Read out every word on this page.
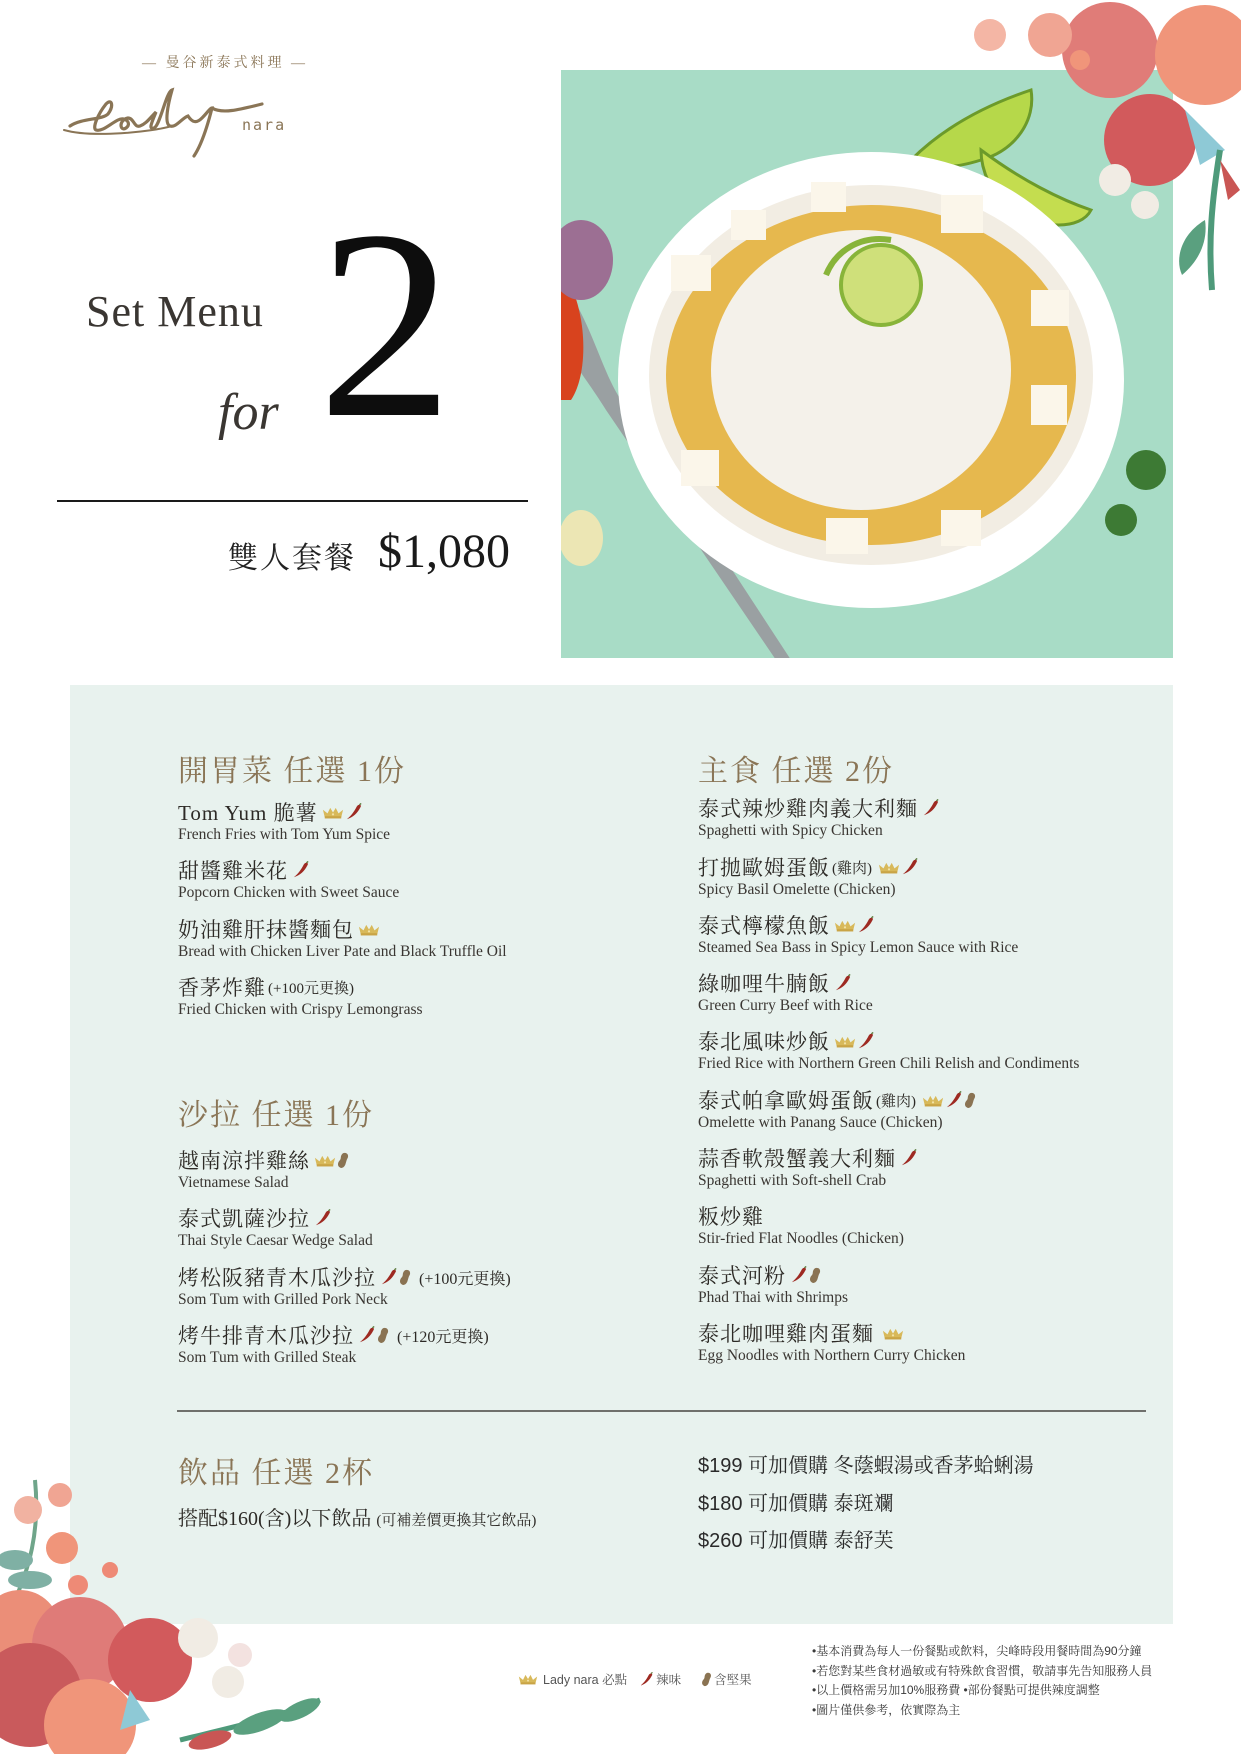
— 曼谷新泰式料理 —
nara
Set Menu
for 2
雙人套餐 $1,080
開胃菜 任選 1份
Tom Yum 脆薯
French Fries with Tom Yum Spice
甜醬雞米花
Popcorn Chicken with Sweet Sauce
奶油雞肝抹醬麵包
Bread with Chicken Liver Pate and Black Truffle Oil
香茅炸雞 (+100元更換)
Fried Chicken with Crispy Lemongrass
沙拉 任選 1份
越南涼拌雞絲
Vietnamese Salad
泰式凱薩沙拉
Thai Style Caesar Wedge Salad
烤松阪豬青木瓜沙拉	(+100元更換)
Som Tum with Grilled Pork Neck
烤牛排青木瓜沙拉	(+120元更換)
Som Tum with Grilled Steak
主食 任選 2份
泰式辣炒雞肉義大利麵
Spaghetti with Spicy Chicken
打拋歐姆蛋飯 (雞肉)
Spicy Basil Omelette (Chicken)
泰式檸檬魚飯
Steamed Sea Bass in Spicy Lemon Sauce with Rice
綠咖哩牛腩飯
Green Curry Beef with Rice
泰北風味炒飯
Fried Rice with Northern Green Chili Relish and Condiments
泰式帕拿歐姆蛋飯 (雞肉)
Omelette with Panang Sauce (Chicken)
蒜香軟殼蟹義大利麵
Spaghetti with Soft-shell Crab
粄炒雞
Stir-fried Flat Noodles (Chicken)
泰式河粉
Phad Thai with Shrimps
泰北咖哩雞肉蛋麵
Egg Noodles with Northern Curry Chicken
飲品 任選 2杯
搭配$160(含)以下飲品 (可補差價更換其它飲品)
$199 可加價購 冬蔭蝦湯或香茅蛤蜊湯
$180 可加價購 泰斑斕
$260 可加價購 泰舒芙
Lady nara 必點 辣味	含堅果
•基本消費為每人一份餐點或飲料，尖峰時段用餐時間為90分鐘
•若您對某些食材過敏或有特殊飲食習慣，敬請事先告知服務人員
•以上價格需另加10%服務費 •部份餐點可提供辣度調整
•圖片僅供參考，依實際為主
